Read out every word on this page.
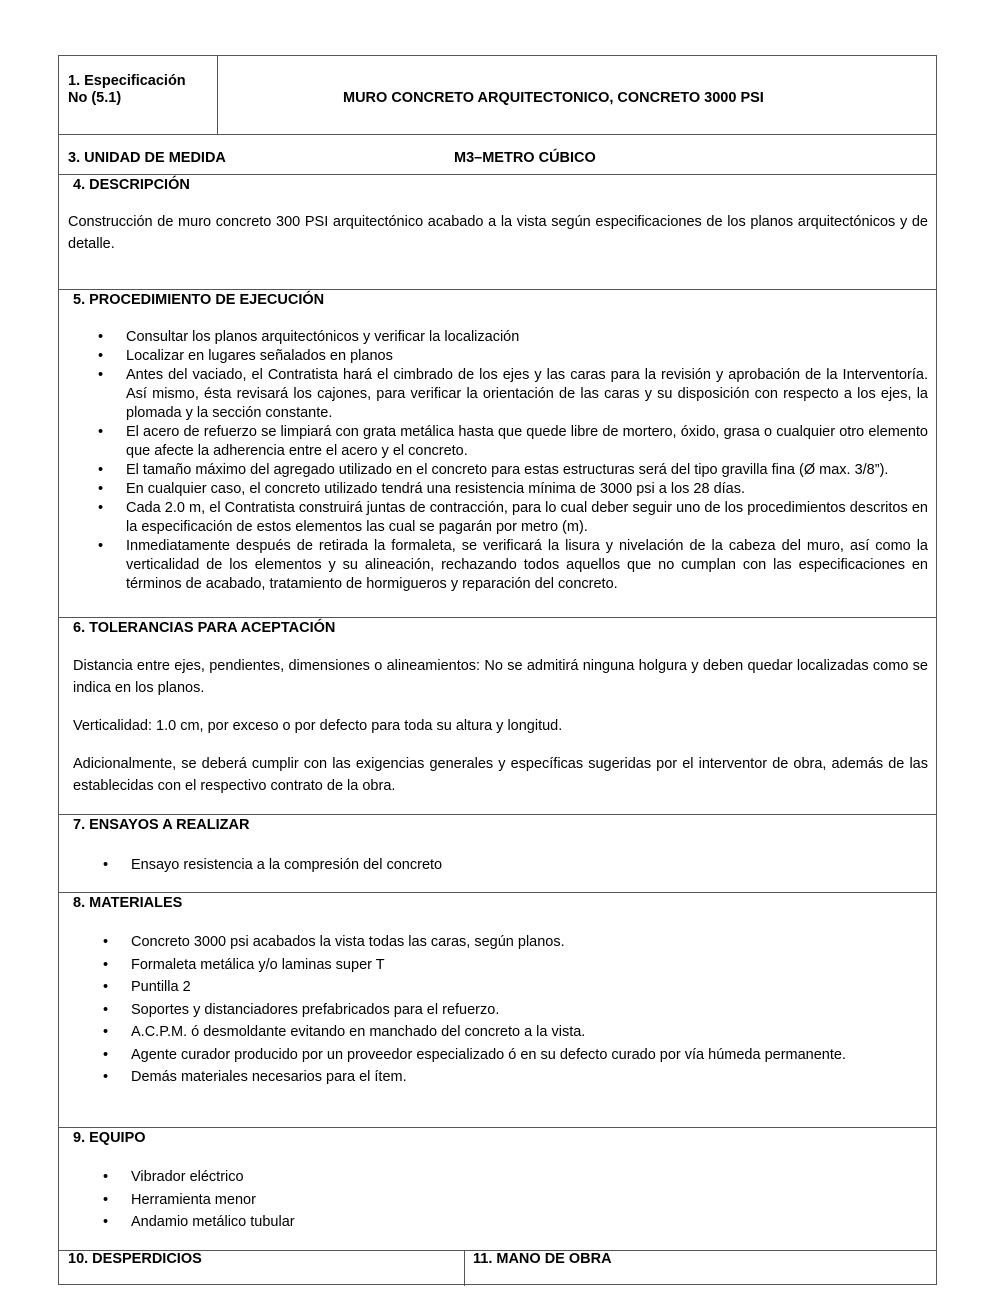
1. Especificación
No (5.1)	MURO CONCRETO ARQUITECTONICO, CONCRETO 3000 PSI
3. UNIDAD DE MEDIDA	M3–METRO CÚBICO
4. DESCRIPCIÓN

Construcción de muro concreto 300 PSI arquitectónico acabado a la vista según especificaciones de los planos arquitectónicos y de detalle.

5. PROCEDIMIENTO DE EJECUCIÓN
• Consultar los planos arquitectónicos y verificar la localización
• Localizar en lugares señalados en planos
• Antes del vaciado, el Contratista hará el cimbrado de los ejes y las caras para la revisión y aprobación de la Interventoría. Así mismo, ésta revisará los cajones, para verificar la orientación de las caras y su disposición con respecto a los ejes, la plomada y la sección constante.
• El acero de refuerzo se limpiará con grata metálica hasta que quede libre de mortero, óxido, grasa o cualquier otro elemento que afecte la adherencia entre el acero y el concreto.
• El tamaño máximo del agregado utilizado en el concreto para estas estructuras será del tipo gravilla fina (Ø max. 3/8”).
• En cualquier caso, el concreto utilizado tendrá una resistencia mínima de 3000 psi a los 28 días.
• Cada 2.0 m, el Contratista construirá juntas de contracción, para lo cual deber seguir uno de los procedimientos descritos en la especificación de estos elementos las cual se pagarán por metro (m).
• Inmediatamente después de retirada la formaleta, se verificará la lisura y nivelación de la cabeza del muro, así como la verticalidad de los elementos y su alineación, rechazando todos aquellos que no cumplan con las especificaciones en términos de acabado, tratamiento de hormigueros y reparación del concreto.
6. TOLERANCIAS PARA ACEPTACIÓN

Distancia entre ejes, pendientes, dimensiones o alineamientos: No se admitirá ninguna holgura y deben quedar localizadas como se indica en los planos.

Verticalidad: 1.0 cm, por exceso o por defecto para toda su altura y longitud.

Adicionalmente, se deberá cumplir con las exigencias generales y específicas sugeridas por el interventor de obra, además de las establecidas con el respectivo contrato de la obra.

7. ENSAYOS A REALIZAR
• Ensayo resistencia a la compresión del concreto
8. MATERIALES
• Concreto 3000 psi acabados la vista todas las caras, según planos.
• Formaleta metálica y/o laminas super T
• Puntilla 2
• Soportes y distanciadores prefabricados para el refuerzo.
• A.C.P.M. ó desmoldante evitando en manchado del concreto a la vista.
• Agente curador producido por un proveedor especializado ó en su defecto curado por vía húmeda permanente.
• Demás materiales necesarios para el ítem.
9. EQUIPO
• Vibrador eléctrico
• Herramienta menor
• Andamio metálico tubular
10. DESPERDICIOS	11. MANO DE OBRA
